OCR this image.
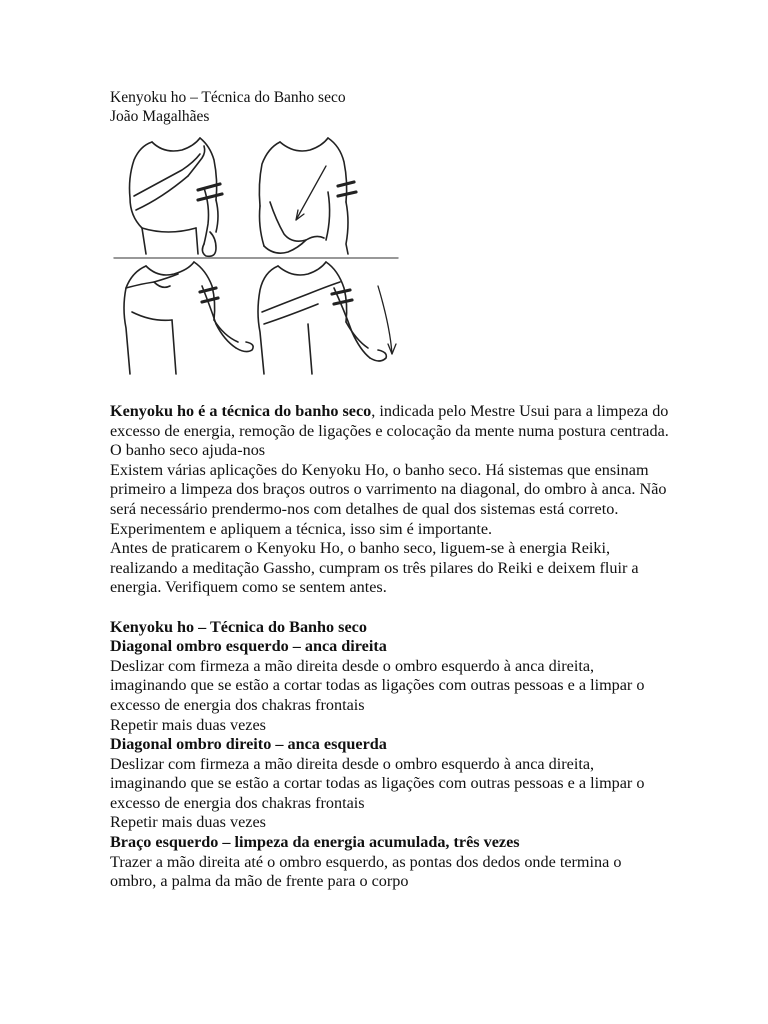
Kenyoku ho – Técnica do Banho seco
João Magalhães

Kenyoku ho é a técnica do banho seco, indicada pelo Mestre Usui para a limpeza do excesso de energia, remoção de ligações e colocação da mente numa postura centrada. O banho seco ajuda-nos

Existem várias aplicações do Kenyoku Ho, o banho seco. Há sistemas que ensinam primeiro a limpeza dos braços outros o varrimento na diagonal, do ombro à anca. Não será necessário prendermo-nos com detalhes de qual dos sistemas está correto. Experimentem e apliquem a técnica, isso sim é importante.

Antes de praticarem o Kenyoku Ho, o banho seco, liguem-se à energia Reiki, realizando a meditação Gassho, cumpram os três pilares do Reiki e deixem fluir a energia. Verifiquem como se sentem antes.

Kenyoku ho – Técnica do Banho seco

Diagonal ombro esquerdo – anca direita

Deslizar com firmeza a mão direita desde o ombro esquerdo à anca direita, imaginando que se estão a cortar todas as ligações com outras pessoas e a limpar o excesso de energia dos chakras frontais

Repetir mais duas vezes

Diagonal ombro direito – anca esquerda

Deslizar com firmeza a mão direita desde o ombro esquerdo à anca direita, imaginando que se estão a cortar todas as ligações com outras pessoas e a limpar o excesso de energia dos chakras frontais

Repetir mais duas vezes

Braço esquerdo – limpeza da energia acumulada, três vezes

Trazer a mão direita até o ombro esquerdo, as pontas dos dedos onde termina o ombro, a palma da mão de frente para o corpo
